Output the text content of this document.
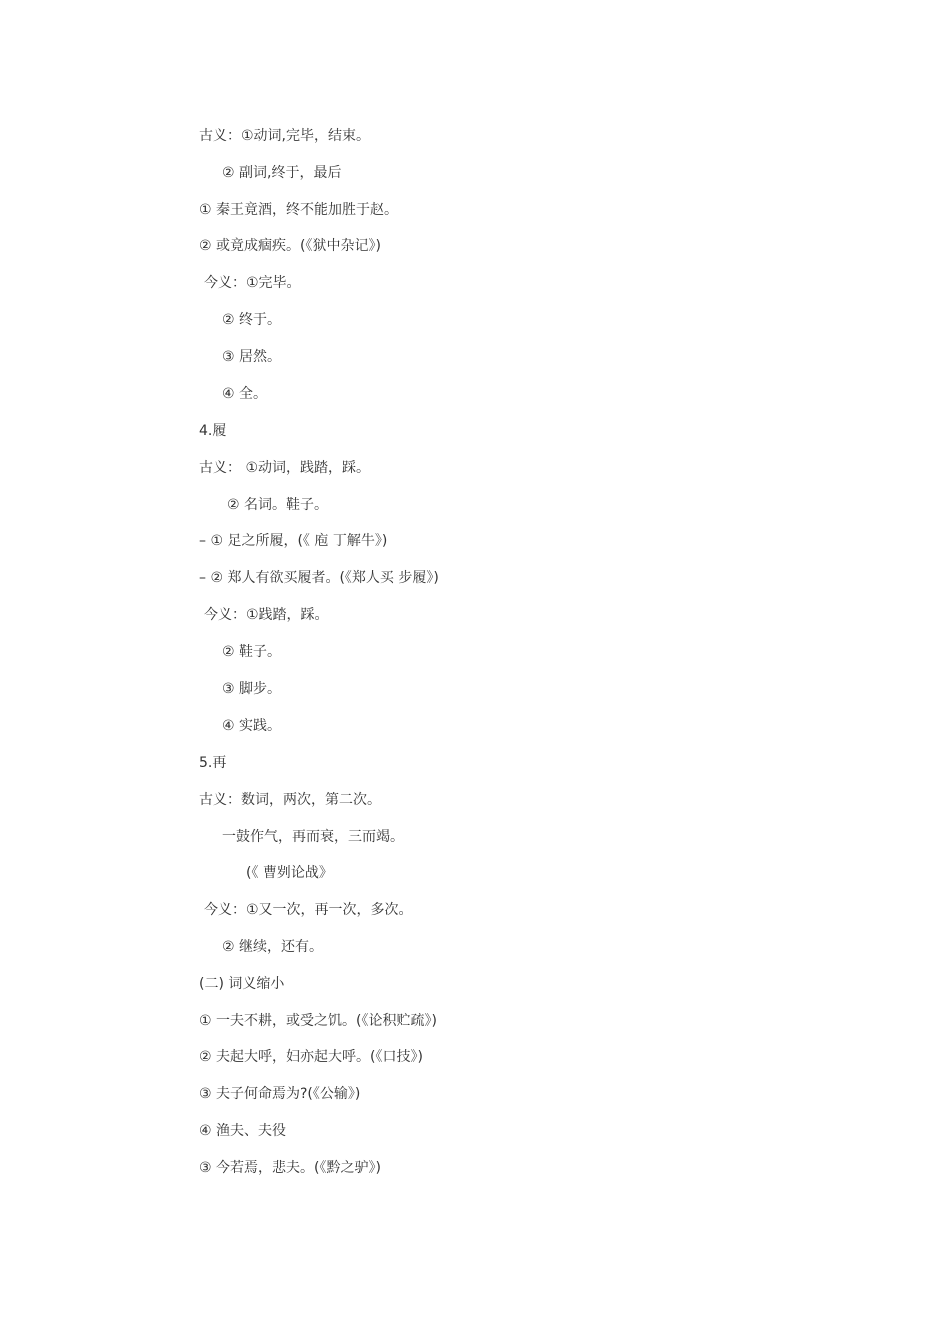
古义：①动词,完毕，结束。
② 副词,终于，最后
① 秦王竟酒，终不能加胜于赵。
② 或竟成痼疾。(《狱中杂记》)
今义：①完毕。
② 终于。
③ 居然。
④ 全。
4.履
古义： ①动词，践踏，踩。
② 名词。鞋子。
– ① 足之所履，(《 庖 丁解牛》)
– ② 郑人有欲买履者。(《郑人买 步履》)
今义：①践踏，踩。
② 鞋子。
③ 脚步。
④ 实践。
5.再
古义：数词，两次，第二次。
一鼓作气，再而衰，三而竭。
(《 曹刿论战》
今义：①又一次，再一次，多次。
② 继续，还有。
(二) 词义缩小
① 一夫不耕，或受之饥。(《论积贮疏》)
② 夫起大呼，妇亦起大呼。(《口技》)
③ 夫子何命焉为?(《公输》)
④ 渔夫、夫役
③ 今若焉，悲夫。(《黔之驴》)
